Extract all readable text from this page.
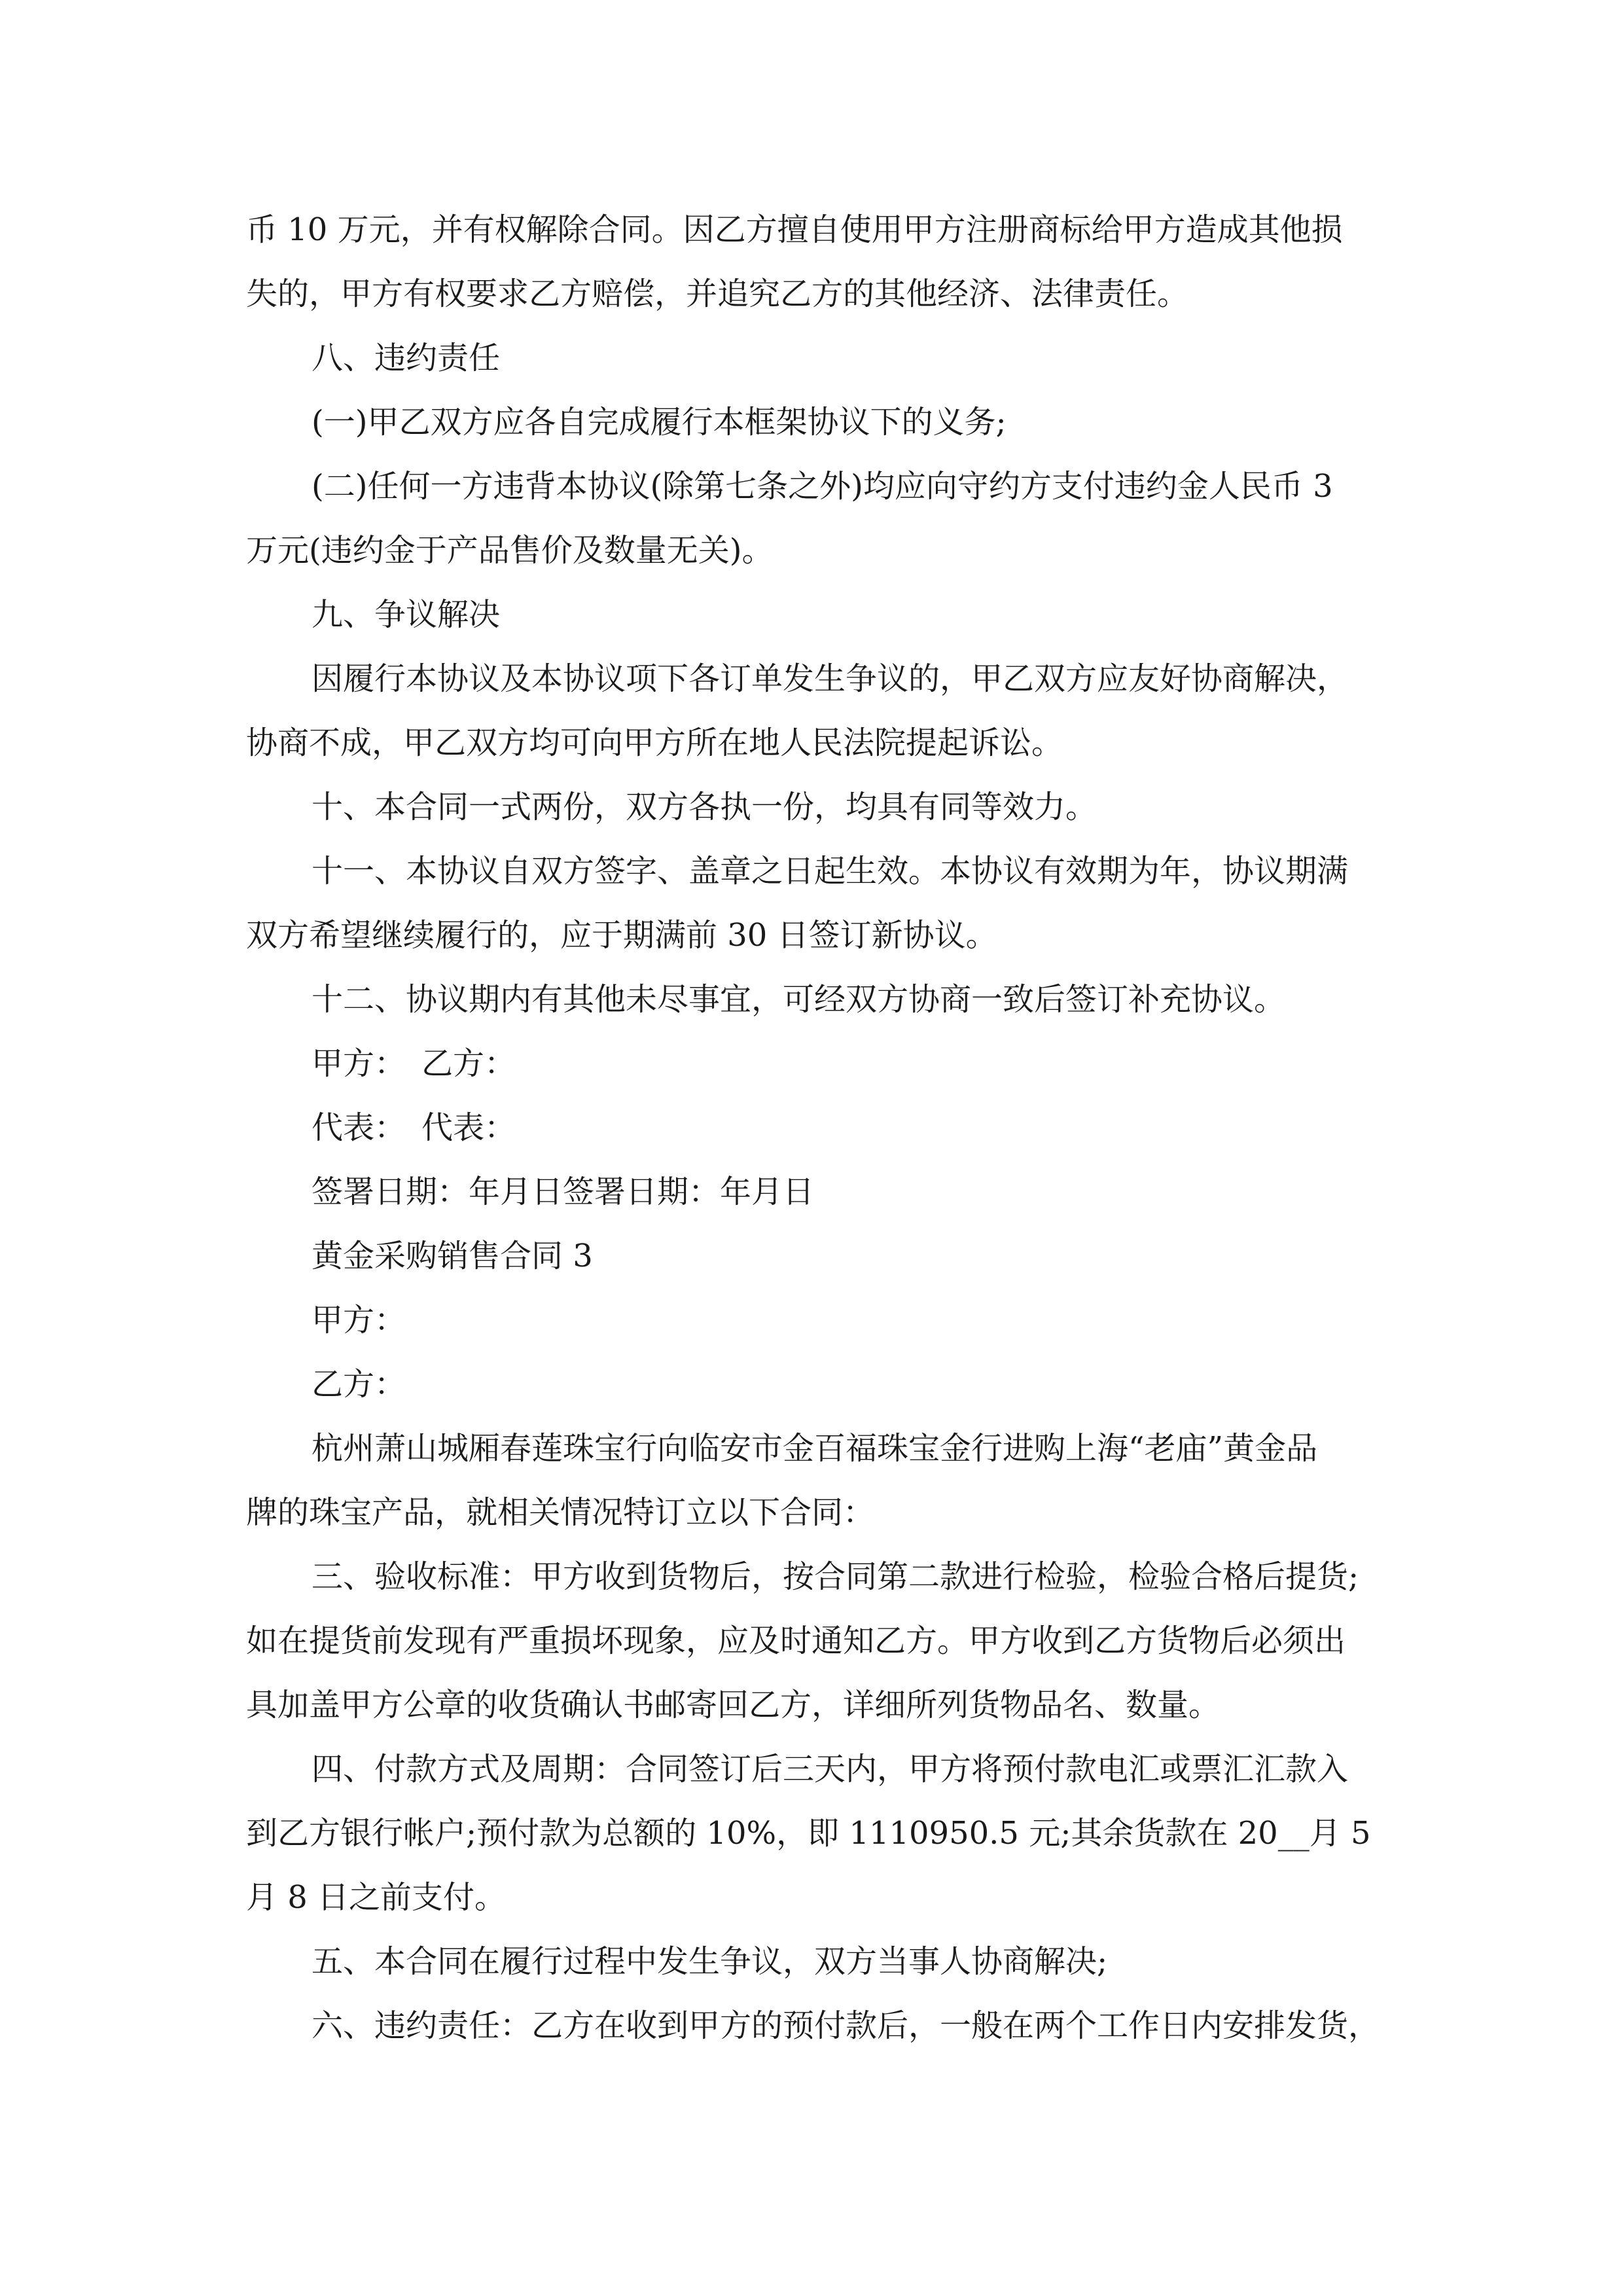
币 10 万元，并有权解除合同。因乙方擅自使用甲方注册商标给甲方造成其他损
失的，甲方有权要求乙方赔偿，并追究乙方的其他经济、法律责任。
八、违约责任
(一)甲乙双方应各自完成履行本框架协议下的义务;
(二)任何一方违背本协议(除第七条之外)均应向守约方支付违约金人民币 3
万元(违约金于产品售价及数量无关)。
九、争议解决
因履行本协议及本协议项下各订单发生争议的，甲乙双方应友好协商解决，
协商不成，甲乙双方均可向甲方所在地人民法院提起诉讼。
十、本合同一式两份，双方各执一份，均具有同等效力。
十一、本协议自双方签字、盖章之日起生效。本协议有效期为年，协议期满
双方希望继续履行的，应于期满前 30 日签订新协议。
十二、协议期内有其他未尽事宜，可经双方协商一致后签订补充协议。
甲方：　乙方：
代表：　代表：
签署日期：年月日签署日期：年月日
黄金采购销售合同 3
甲方：
乙方：
杭州萧山城厢春莲珠宝行向临安市金百福珠宝金行进购上海“老庙”黄金品
牌的珠宝产品，就相关情况特订立以下合同：
三、验收标准：甲方收到货物后，按合同第二款进行检验，检验合格后提货;
如在提货前发现有严重损坏现象，应及时通知乙方。甲方收到乙方货物后必须出
具加盖甲方公章的收货确认书邮寄回乙方，详细所列货物品名、数量。
四、付款方式及周期：合同签订后三天内，甲方将预付款电汇或票汇汇款入
到乙方银行帐户;预付款为总额的 10%，即 1110950.5 元;其余货款在 20__月 5
月 8 日之前支付。
五、本合同在履行过程中发生争议，双方当事人协商解决;
六、违约责任：乙方在收到甲方的预付款后，一般在两个工作日内安排发货，
